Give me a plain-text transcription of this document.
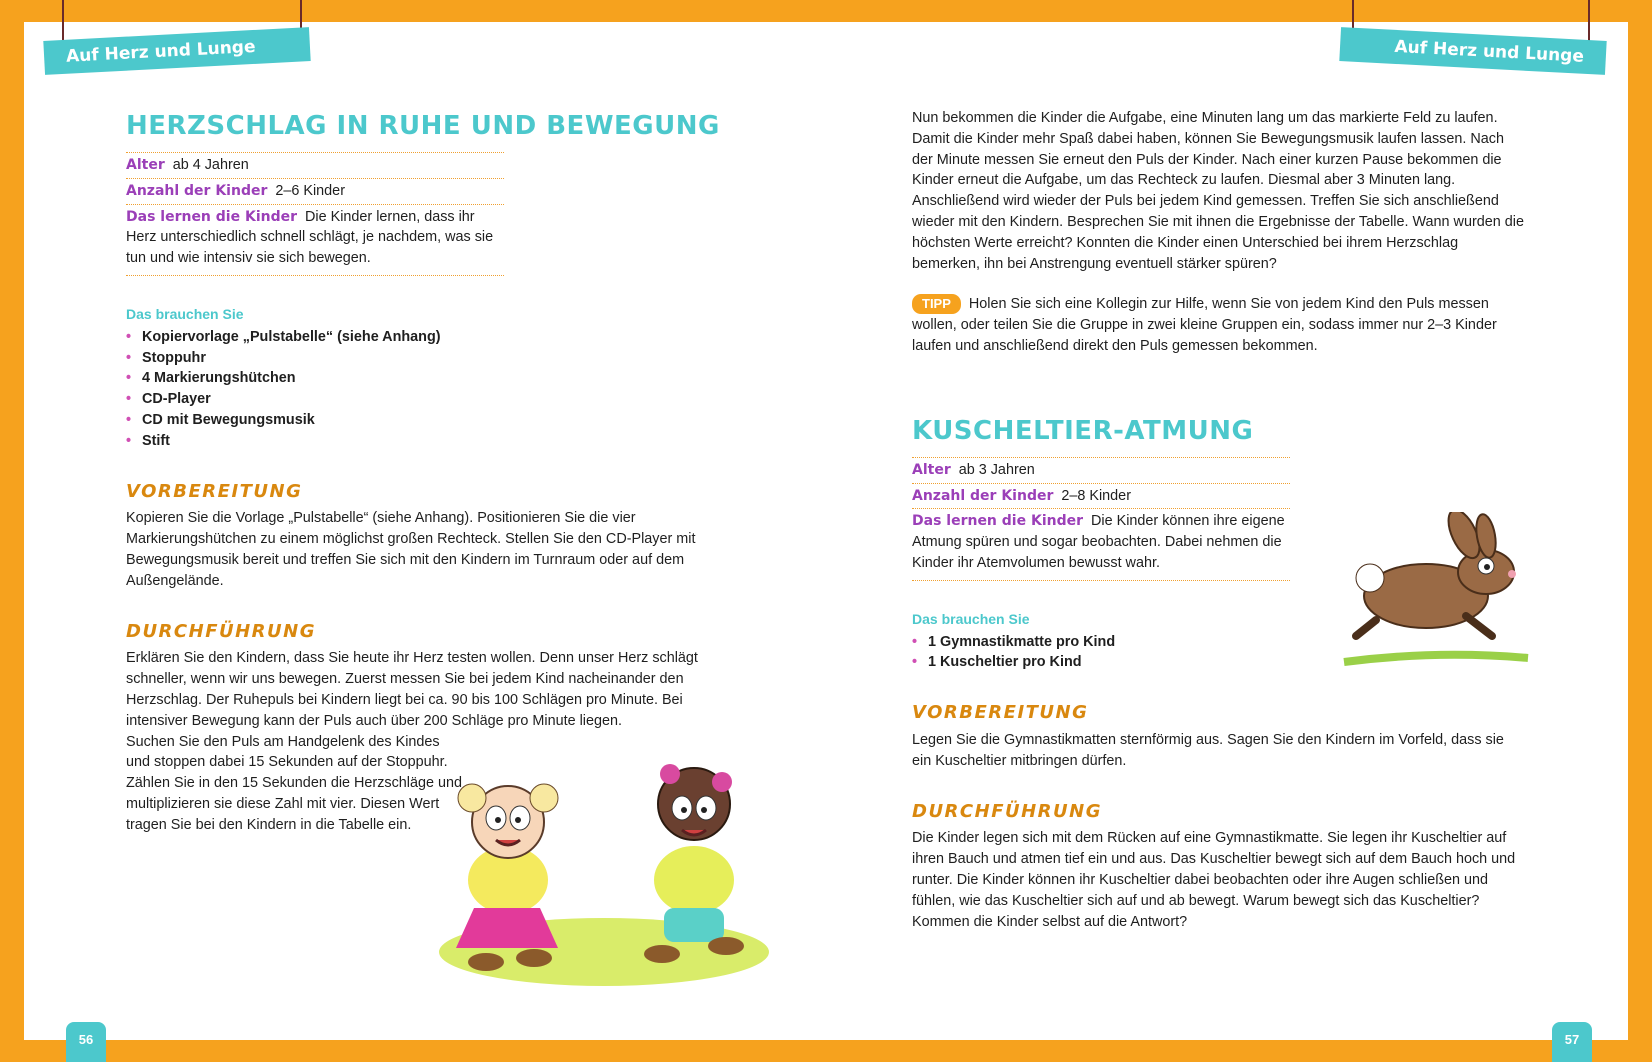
Auf Herz und Lunge testen
Auf Herz und Lunge testen
HERZSCHLAG IN RUHE UND BEWEGUNG
Alter ab 4 Jahren
Anzahl der Kinder 2–6 Kinder
Das lernen die Kinder Die Kinder lernen, dass ihr Herz unterschiedlich schnell schlägt, je nachdem, was sie tun und wie intensiv sie sich bewegen.
Das brauchen Sie
• Kopiervorlage „Pulstabelle“ (siehe Anhang)
• Stoppuhr
• 4 Markierungshütchen
• CD-Player
• CD mit Bewegungsmusik
• Stift
VORBEREITUNG

Kopieren Sie die Vorlage „Pulstabelle“ (siehe Anhang). Positionieren Sie die vier Markierungshütchen zu einem möglichst großen Rechteck. Stellen Sie den CD-Player mit Bewegungsmusik bereit und treffen Sie sich mit den Kindern im Turnraum oder auf dem Außengelände.

DURCHFÜHRUNG

Erklären Sie den Kindern, dass Sie heute ihr Herz testen wollen. Denn unser Herz schlägt schneller, wenn wir uns bewegen. Zuerst messen Sie bei jedem Kind nacheinander den Herzschlag. Der Ruhepuls bei Kindern liegt bei ca. 90 bis 100 Schlägen pro Minute. Bei intensiver Bewegung kann der Puls auch über 200 Schläge pro Minute liegen.

Suchen Sie den Puls am Handgelenk des Kindes und stoppen dabei 15 Sekunden auf der Stoppuhr. Zählen Sie in den 15 Sekunden die Herzschläge und multiplizieren sie diese Zahl mit vier. Diesen Wert tragen Sie bei den Kindern in die Tabelle ein.

Nun bekommen die Kinder die Aufgabe, eine Minuten lang um das markierte Feld zu laufen. Damit die Kinder mehr Spaß dabei haben, können Sie Bewegungsmusik laufen lassen. Nach der Minute messen Sie erneut den Puls der Kinder. Nach einer kurzen Pause bekommen die Kinder erneut die Aufgabe, um das Rechteck zu laufen. Diesmal aber 3 Minuten lang. Anschließend wird wieder der Puls bei jedem Kind gemessen. Treffen Sie sich anschließend wieder mit den Kindern. Besprechen Sie mit ihnen die Ergebnisse der Tabelle. Wann wurden die höchsten Werte erreicht? Konnten die Kinder einen Unterschied bei ihrem Herzschlag bemerken, ihn bei Anstrengung eventuell stärker spüren?

TIPP Holen Sie sich eine Kollegin zur Hilfe, wenn Sie von jedem Kind den Puls messen wollen, oder teilen Sie die Gruppe in zwei kleine Gruppen ein, sodass immer nur 2–3 Kinder laufen und anschließend direkt den Puls gemessen bekommen.

KUSCHELTIER-ATMUNG
Alter ab 3 Jahren
Anzahl der Kinder 2–8 Kinder
Das lernen die Kinder Die Kinder können ihre eigene Atmung spüren und sogar beobachten. Dabei nehmen die Kinder ihr Atemvolumen bewusst wahr.
Das brauchen Sie
• 1 Gymnastikmatte pro Kind
• 1 Kuscheltier pro Kind
VORBEREITUNG

Legen Sie die Gymnastikmatten sternförmig aus. Sagen Sie den Kindern im Vorfeld, dass sie ein Kuscheltier mitbringen dürfen.

DURCHFÜHRUNG

Die Kinder legen sich mit dem Rücken auf eine Gymnastikmatte. Sie legen ihr Kuscheltier auf ihren Bauch und atmen tief ein und aus. Das Kuscheltier bewegt sich auf dem Bauch hoch und runter. Die Kinder können ihr Kuscheltier dabei beobachten oder ihre Augen schließen und fühlen, wie das Kuscheltier sich auf und ab bewegt. Warum bewegt sich das Kuscheltier? Kommen die Kinder selbst auf die Antwort?

56	57
